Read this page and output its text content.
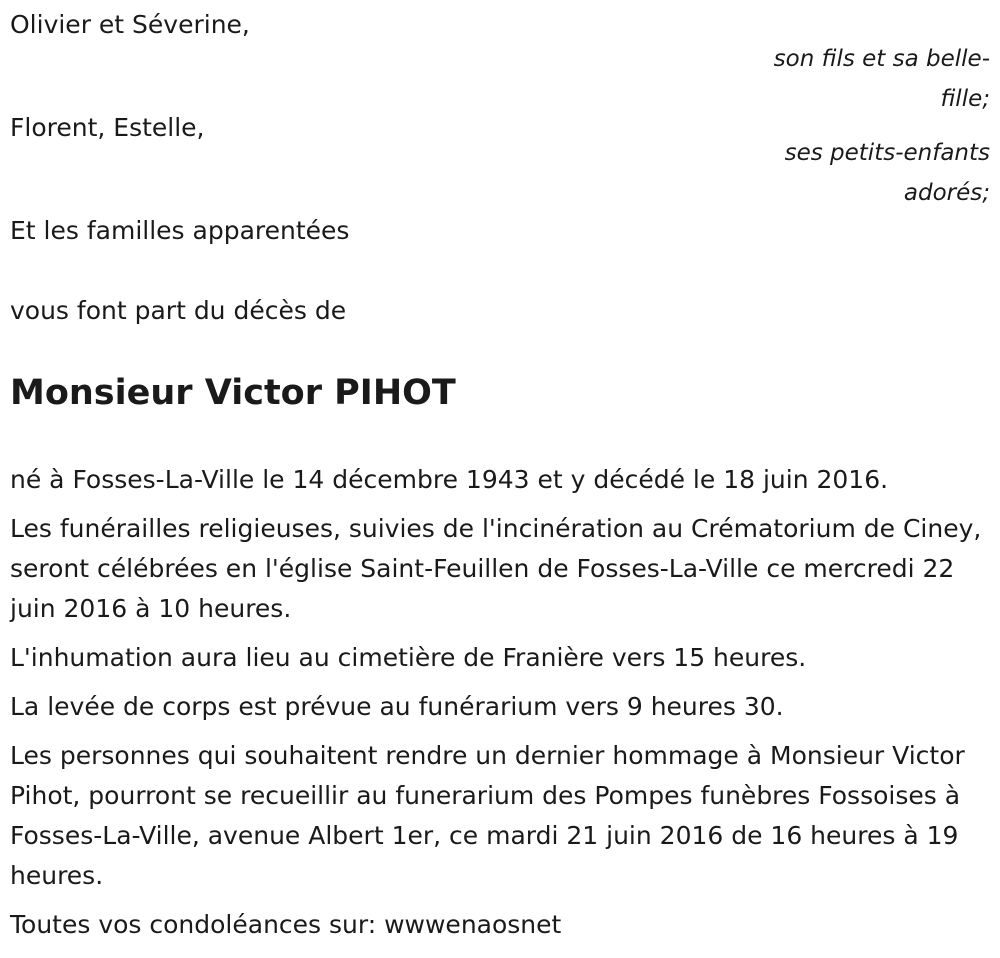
Olivier et Séverine,
son fils et sa belle-fille;
Florent, Estelle,
ses petits-enfants adorés;
Et les familles apparentées
vous font part du décès de
Monsieur Victor PIHOT

né à Fosses-La-Ville le 14 décembre 1943 et y décédé le 18 juin 2016.

Les funérailles religieuses, suivies de l'incinération au Crématorium de Ciney, seront célébrées en l'église Saint-Feuillen de Fosses-La-Ville ce mercredi 22 juin 2016 à 10 heures.

L'inhumation aura lieu au cimetière de Franière vers 15 heures.

La levée de corps est prévue au funérarium vers 9 heures 30.

Les personnes qui souhaitent rendre un dernier hommage à Monsieur Victor Pihot, pourront se recueillir au funerarium des Pompes funèbres Fossoises à Fosses-La-Ville, avenue Albert 1er, ce mardi 21 juin 2016 de 16 heures à 19 heures.

Toutes vos condoléances sur: wwwenaosnet
